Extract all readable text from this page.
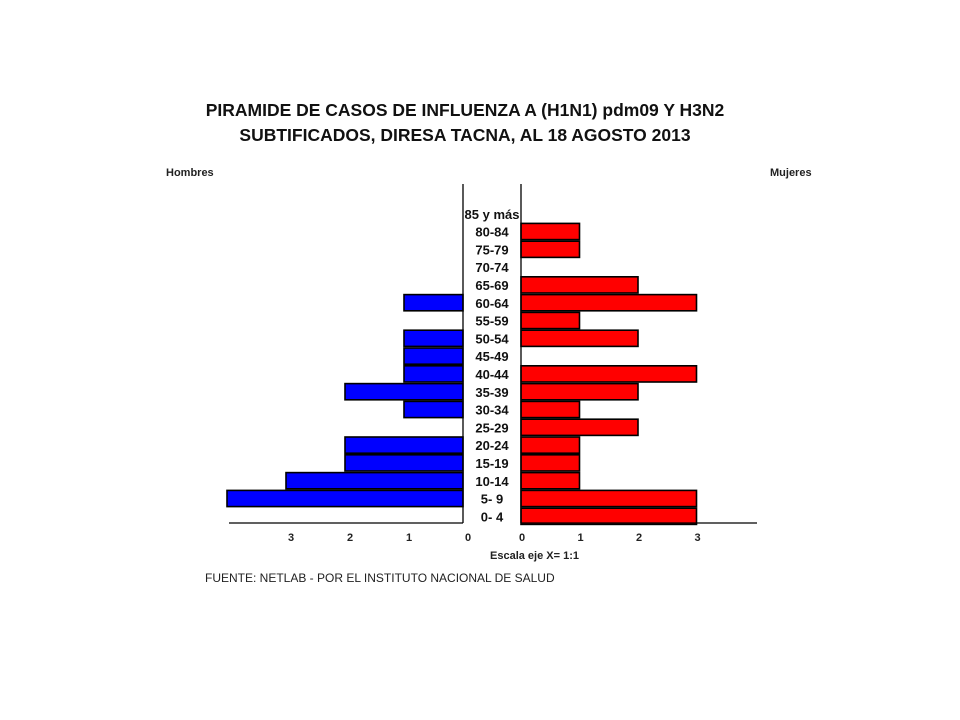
PIRAMIDE DE CASOS DE INFLUENZA A (H1N1) pdm09 Y H3N2
SUBTIFICADOS, DIRESA TACNA, AL 18 AGOSTO 2013
Hombres	Mujeres
Escala eje X= 1:1
85 y más
80-84
75-79
70-74
65-69
60-64
55-59
50-54
45-49
40-44
35-39
30-34
25-29
20-24
15-19
10-14
5- 9
0- 4
3	2	1	0	0	1	2	3
FUENTE: NETLAB - POR EL INSTITUTO NACIONAL DE SALUD
